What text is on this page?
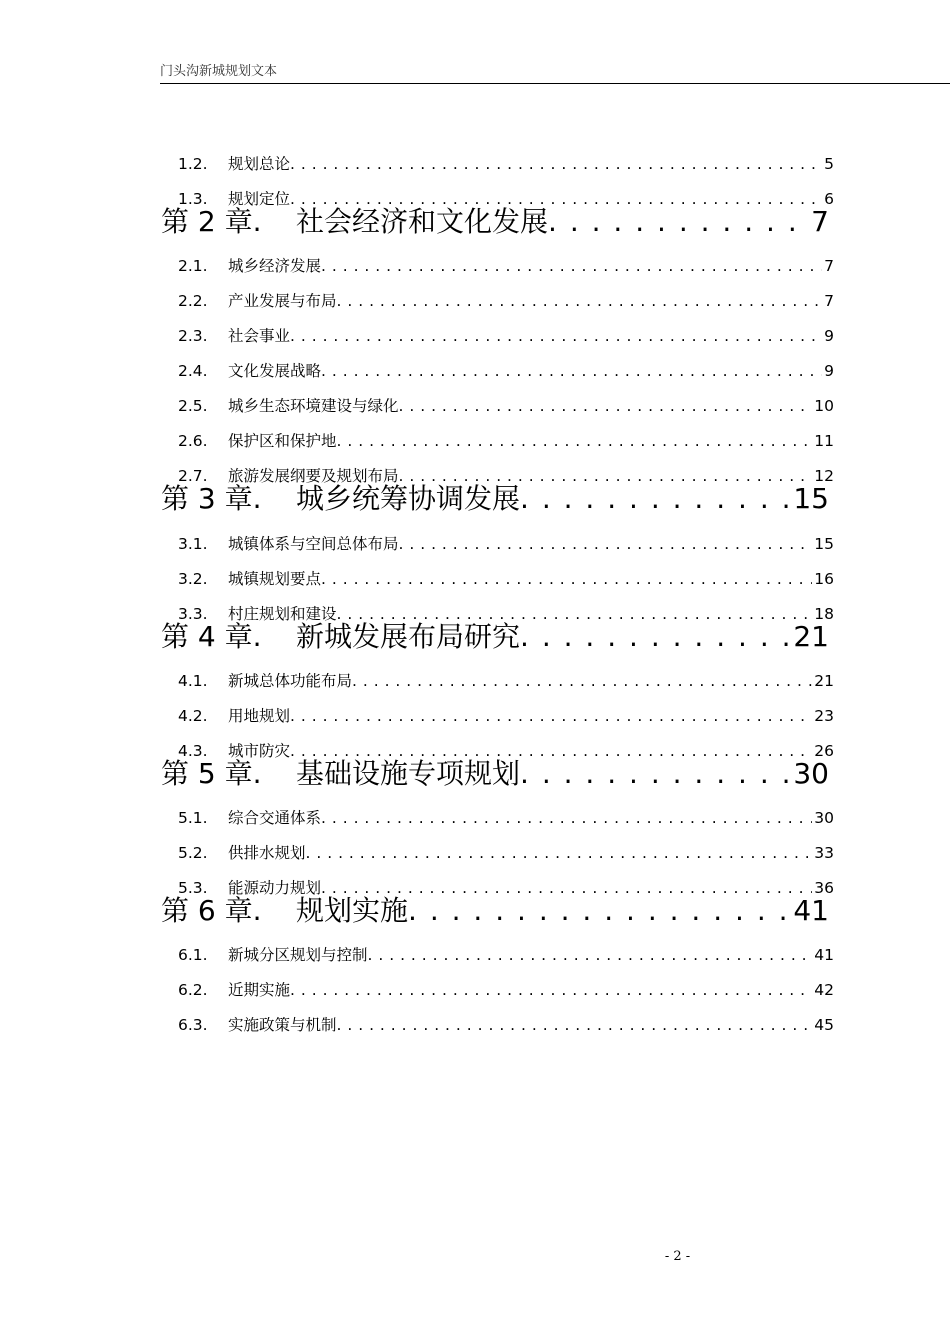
门头沟新城规划文本
1.2.	规划总论 . . .	5
1.3.	规划定位 . . .	6
第 2 章.	社会经济和文化发展 . . .	7
2.1.	城乡经济发展 . . .	7
2.2.	产业发展与布局 . . .	7
2.3.	社会事业 . . .	9
2.4.	文化发展战略 . . .	9
2.5.	城乡生态环境建设与绿化 . . .	10
2.6.	保护区和保护地 . . .	11
2.7.	旅游发展纲要及规划布局 . . .	12
第 3 章.	城乡统筹协调发展 . . .	15
3.1.	城镇体系与空间总体布局 . . .	15
3.2.	城镇规划要点 . . .	16
3.3.	村庄规划和建设 . . .	18
第 4 章.	新城发展布局研究 . . .	21
4.1.	新城总体功能布局 . . .	21
4.2.	用地规划 . . .	23
4.3.	城市防灾 . . .	26
第 5 章.	基础设施专项规划 . . .	30
5.1.	综合交通体系 . . .	30
5.2.	供排水规划 . . .	33
5.3.	能源动力规划 . . .	36
第 6 章.	规划实施 . . .	41
6.1.	新城分区规划与控制 . . .	41
6.2.	近期实施 . . .	42
6.3.	实施政策与机制 . . .	45
- 2 -
